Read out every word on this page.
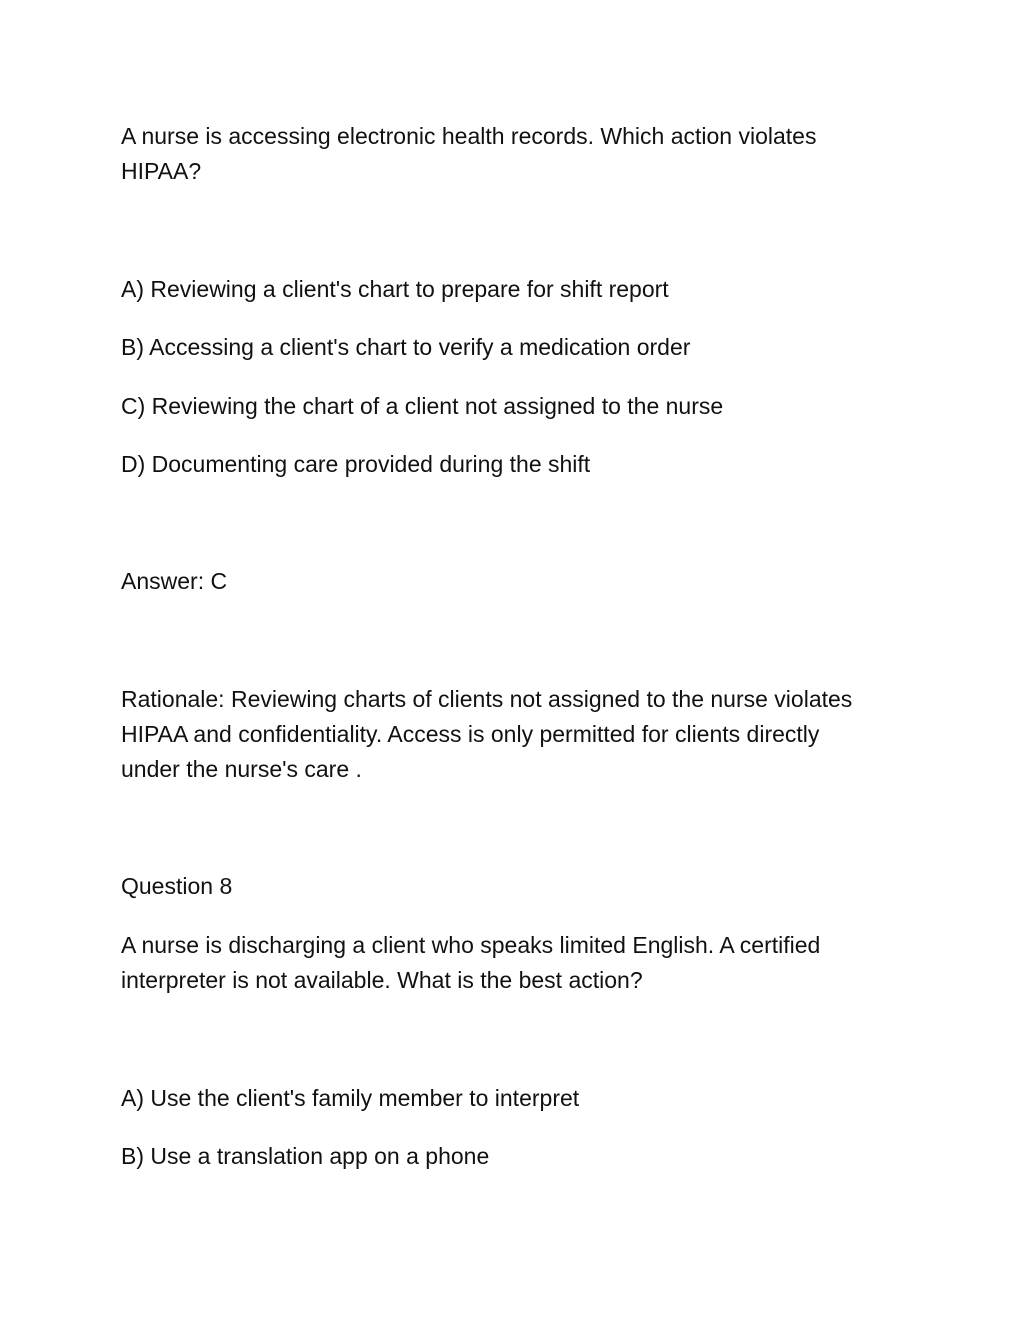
A nurse is accessing electronic health records. Which action violates
HIPAA?
A) Reviewing a client's chart to prepare for shift report
B) Accessing a client's chart to verify a medication order
C) Reviewing the chart of a client not assigned to the nurse
D) Documenting care provided during the shift
Answer: C
Rationale: Reviewing charts of clients not assigned to the nurse violates
HIPAA and confidentiality. Access is only permitted for clients directly
under the nurse's care .
Question 8
A nurse is discharging a client who speaks limited English. A certified
interpreter is not available. What is the best action?
A) Use the client's family member to interpret
B) Use a translation app on a phone
